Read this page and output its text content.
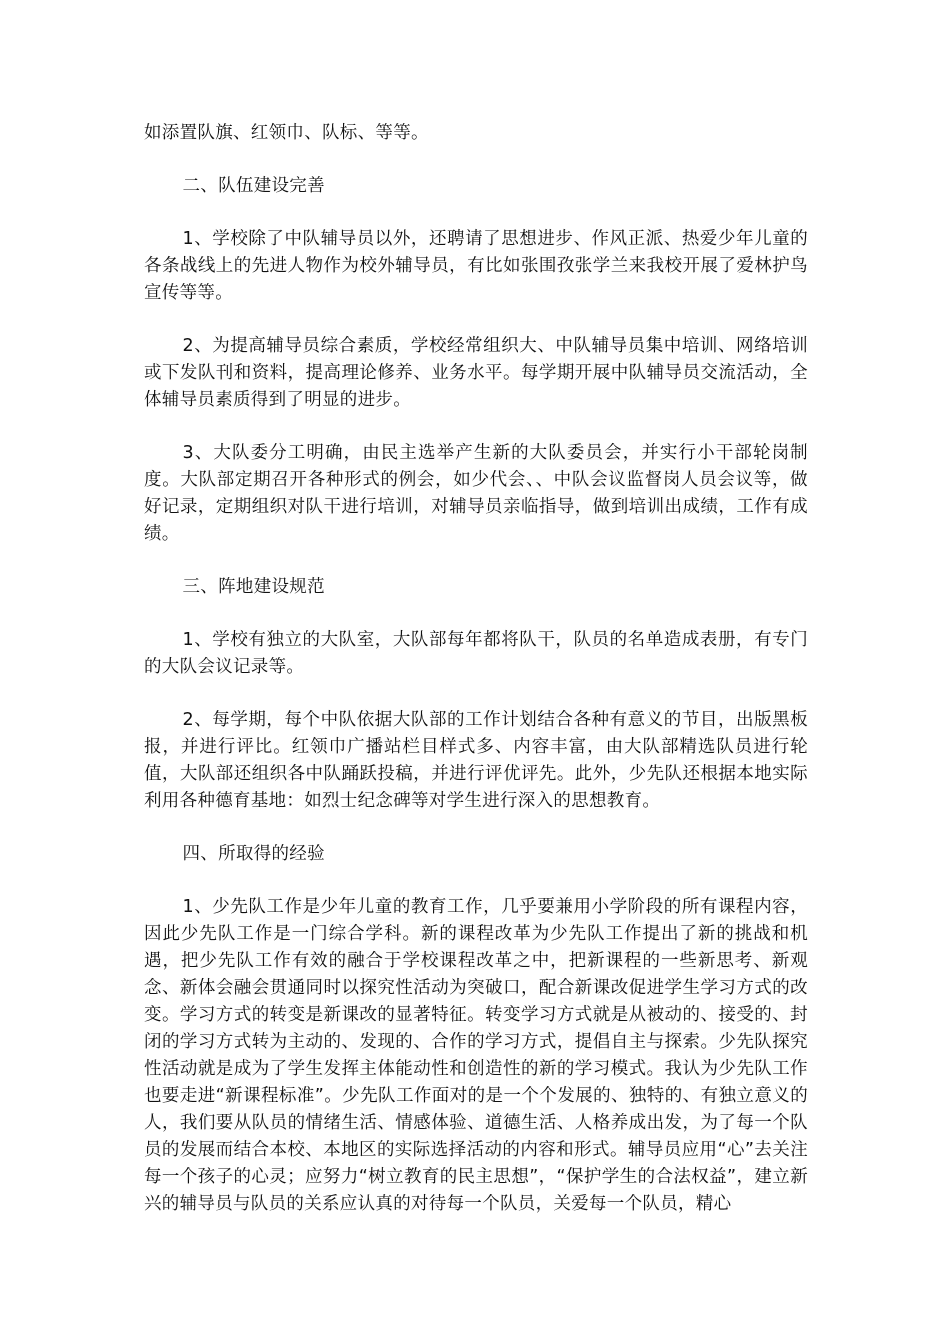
如添置队旗、红领巾、队标、等等。

二、队伍建设完善

1、学校除了中队辅导员以外，还聘请了思想进步、作风正派、热爱少年儿童的各条战线上的先进人物作为校外辅导员，有比如张围孜张学兰来我校开展了爱林护鸟宣传等等。

2、为提高辅导员综合素质，学校经常组织大、中队辅导员集中培训、网络培训或下发队刊和资料，提高理论修养、业务水平。每学期开展中队辅导员交流活动，全体辅导员素质得到了明显的进步。

3、大队委分工明确，由民主选举产生新的大队委员会，并实行小干部轮岗制度。大队部定期召开各种形式的例会，如少代会、、中队会议监督岗人员会议等，做好记录，定期组织对队干进行培训，对辅导员亲临指导，做到培训出成绩，工作有成绩。

三、阵地建设规范

1、学校有独立的大队室，大队部每年都将队干，队员的名单造成表册，有专门的大队会议记录等。

2、每学期，每个中队依据大队部的工作计划结合各种有意义的节目，出版黑板报，并进行评比。红领巾广播站栏目样式多、内容丰富，由大队部精选队员进行轮值，大队部还组织各中队踊跃投稿，并进行评优评先。此外，少先队还根据本地实际利用各种德育基地：如烈士纪念碑等对学生进行深入的思想教育。

四、所取得的经验

1、少先队工作是少年儿童的教育工作，几乎要兼用小学阶段的所有课程内容，因此少先队工作是一门综合学科。新的课程改革为少先队工作提出了新的挑战和机遇，把少先队工作有效的融合于学校课程改革之中，把新课程的一些新思考、新观念、新体会融会贯通同时以探究性活动为突破口，配合新课改促进学生学习方式的改变。学习方式的转变是新课改的显著特征。转变学习方式就是从被动的、接受的、封闭的学习方式转为主动的、发现的、合作的学习方式，提倡自主与探索。少先队探究性活动就是成为了学生发挥主体能动性和创造性的新的学习模式。我认为少先队工作也要走进“新课程标准”。少先队工作面对的是一个个发展的、独特的、有独立意义的人，我们要从队员的情绪生活、情感体验、道德生活、人格养成出发，为了每一个队员的发展而结合本校、本地区的实际选择活动的内容和形式。辅导员应用“心”去关注每一个孩子的心灵；应努力“树立教育的民主思想”，“保护学生的合法权益”，建立新兴的辅导员与队员的关系应认真的对待每一个队员，关爱每一个队员，精心
